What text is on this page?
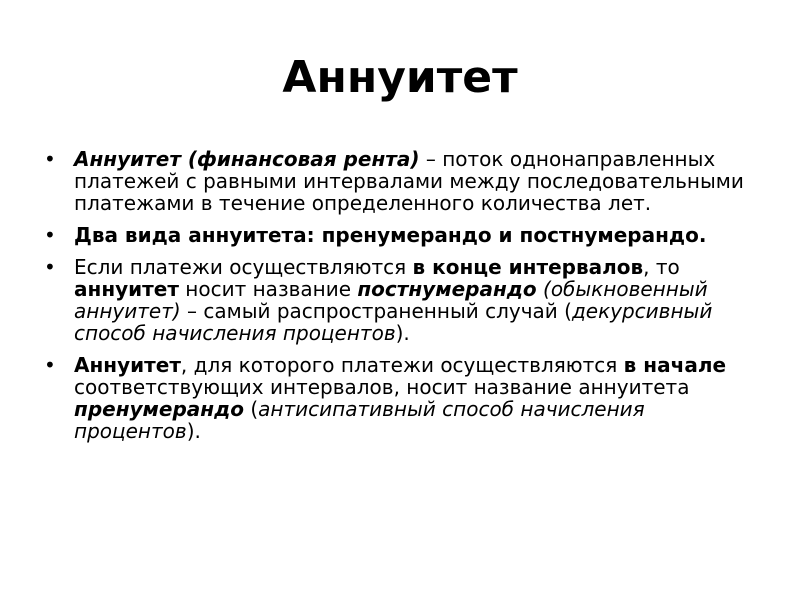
Аннуитет
• Аннуитет (финансовая рента) – поток однонаправленных платежей с равными интервалами между последовательными платежами в течение определенного количества лет.
• Два вида аннуитета: пренумерандо и постнумерандо.
• Если платежи осуществляются в конце интервалов, то аннуитет носит название постнумерандо (обыкновенный аннуитет) – самый распространенный случай (декурсивный способ начисления процентов).
• Аннуитет, для которого платежи осуществляются в начале соответствующих интервалов, носит название аннуитета пренумерандо (антисипативный способ начисления процентов).
